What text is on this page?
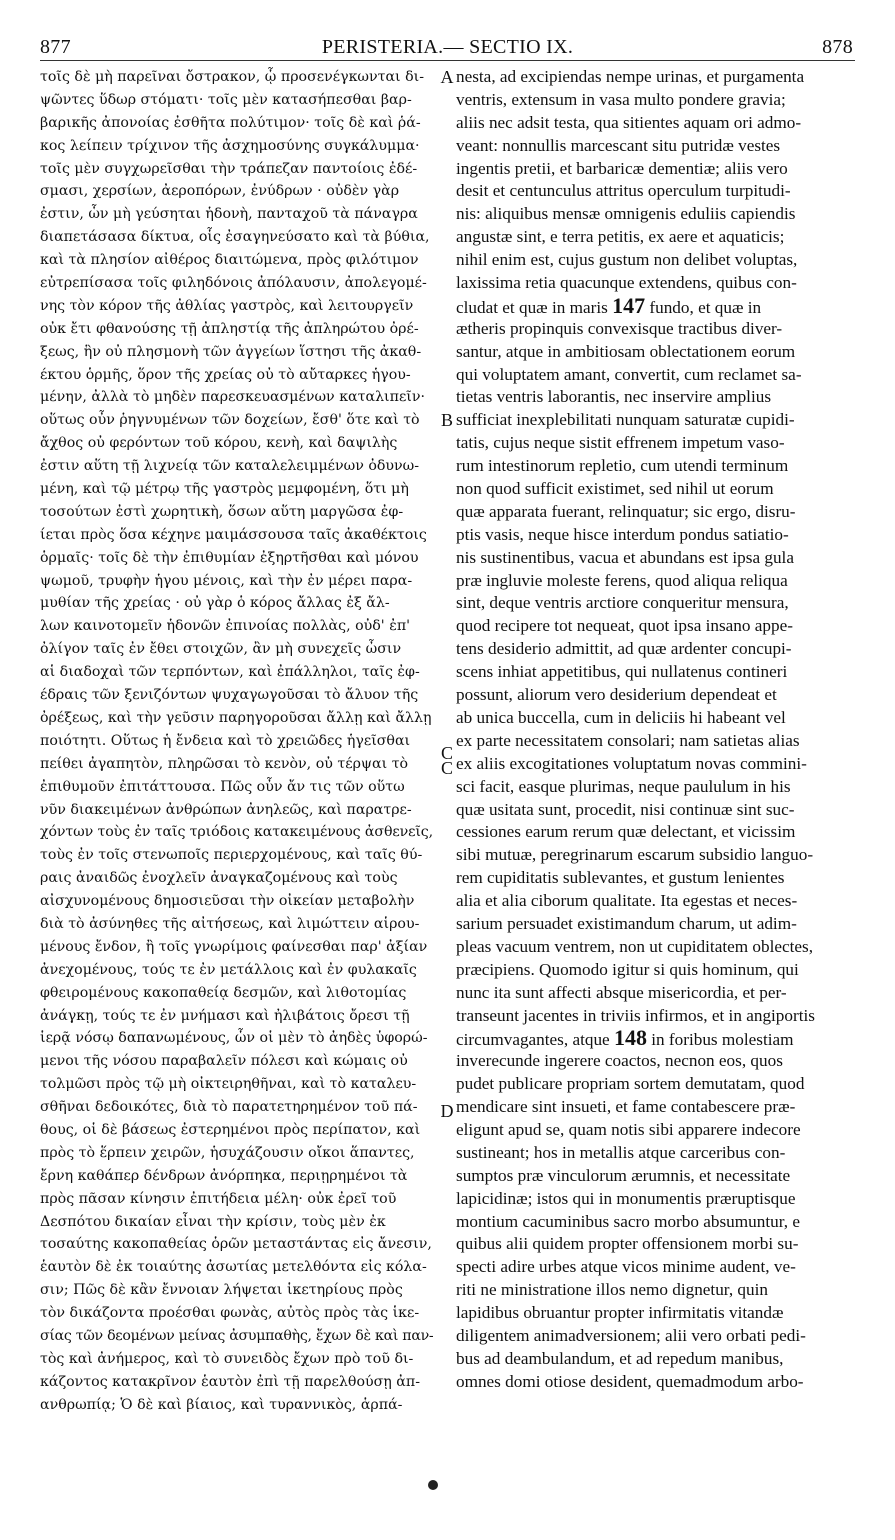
877	PERISTERIA.— SECTIO IX.	878
τοῖς δὲ μὴ παρεῖναι ὄστρακον, ᾧ προσενέγκωνται δι-
ψῶντες ὕδωρ στόματι· τοῖς μὲν κατασήπεσθαι βαρ-
βαρικῆς ἀπονοίας ἐσθῆτα πολύτιμον· τοῖς δὲ καὶ ῥά-
κος λείπειν τρίχινον τῆς ἀσχημοσύνης συγκάλυμμα·
τοῖς μὲν συγχωρεῖσθαι τὴν τράπεζαν παντοίοις ἐδέ-
σμασι, χερσίων, ἀεροπόρων, ἐνύδρων · οὐδὲν γὰρ
ἐστιν, ὧν μὴ γεύσηται ἡδονὴ, πανταχοῦ τὰ πάναγρα
διαπετάσασα δίκτυα, οἷς ἐσαγηνεύσατο καὶ τὰ βύθια,
καὶ τὰ πλησίον αἰθέρος διαιτώμενα, πρὸς φιλότιμον
εὐτρεπίσασα τοῖς φιληδόνοις ἀπόλαυσιν, ἀπολεγομέ-
νης τὸν κόρον τῆς ἀθλίας γαστρὸς, καὶ λειτουργεῖν
οὐκ ἔτι φθανούσης τῇ ἀπληστίᾳ τῆς ἀπληρώτου ὀρέ-
ξεως, ἣν οὐ πλησμονὴ τῶν ἀγγείων ἵστησι τῆς ἀκαθ-
έκτου ὁρμῆς, ὅρον τῆς χρείας οὐ τὸ αὔταρκες ἡγου-
μένην, ἀλλὰ τὸ μηδὲν παρεσκευασμένων καταλιπεῖν·
οὕτως οὖν ῥηγνυμένων τῶν δοχείων, ἔσθ' ὅτε καὶ τὸ
ἄχθος οὐ φερόντων τοῦ κόρου, κενὴ, καὶ δαψιλὴς
ἐστιν αὕτη τῇ λιχνείᾳ τῶν καταλελειμμένων ὀδυνω-
μένη, καὶ τῷ μέτρῳ τῆς γαστρὸς μεμφομένη, ὅτι μὴ
τοσούτων ἐστὶ χωρητικὴ, ὅσων αὕτη μαργῶσα ἐφ-
ίεται πρὸς ὅσα κέχηνε μαιμάσσουσα ταῖς ἀκαθέκτοις
ὁρμαῖς· τοῖς δὲ τὴν ἐπιθυμίαν ἐξηρτῆσθαι καὶ μόνου
ψωμοῦ, τρυφὴν ἡγου μένοις, καὶ τὴν ἐν μέρει παρα-
μυθίαν τῆς χρείας · οὐ γὰρ ὁ κόρος ἄλλας ἐξ ἄλ-
λων καινοτομεῖν ἡδονῶν ἐπινοίας πολλὰς, οὐδ' ἐπ'
ὀλίγον ταῖς ἐν ἔθει στοιχῶν, ἂν μὴ συνεχεῖς ὦσιν
αἱ διαδοχαὶ τῶν τερπόντων, καὶ ἐπάλληλοι, ταῖς ἐφ-
έδραις τῶν ξενιζόντων ψυχαγωγοῦσαι τὸ ἄλυον τῆς
ὀρέξεως, καὶ τὴν γεῦσιν παρηγοροῦσαι ἄλλῃ καὶ ἄλλῃ
ποιότητι. Οὕτως ἡ ἔνδεια καὶ τὸ χρειῶδες ἡγεῖσθαι
πείθει ἀγαπητὸν, πληρῶσαι τὸ κενὸν, οὐ τέρψαι τὸ
ἐπιθυμοῦν ἐπιτάττουσα. Πῶς οὖν ἄν τις τῶν οὕτω
νῦν διακειμένων ἀνθρώπων ἀνηλεῶς, καὶ παρατρε-
χόντων τοὺς ἐν ταῖς τριόδοις κατακειμένους ἀσθενεῖς,
τοὺς ἐν τοῖς στενωποῖς περιερχομένους, καὶ ταῖς θύ-
ραις ἀναιδῶς ἐνοχλεῖν ἀναγκαζομένους καὶ τοὺς
αἰσχυνομένους δημοσιεῦσαι τὴν οἰκείαν μεταβολὴν
διὰ τὸ ἀσύνηθες τῆς αἰτήσεως, καὶ λιμώττειν αἱρου-
μένους ἔνδον, ἢ τοῖς γνωρίμοις φαίνεσθαι παρ' ἀξίαν
ἀνεχομένους, τούς τε ἐν μετάλλοις καὶ ἐν φυλακαῖς
φθειρομένους κακοπαθείᾳ δεσμῶν, καὶ λιθοτομίας
ἀνάγκῃ, τούς τε ἐν μνήμασι καὶ ἠλιβάτοις ὄρεσι τῇ
ἱερᾷ νόσῳ δαπανωμένους, ὧν οἱ μὲν τὸ ἀηδὲς ὑφορώ-
μενοι τῆς νόσου παραβαλεῖν πόλεσι καὶ κώμαις οὐ
τολμῶσι πρὸς τῷ μὴ οἰκτειρηθῆναι, καὶ τὸ καταλευ-
σθῆναι δεδοικότες, διὰ τὸ παρατετηρημένον τοῦ πά-
θους, οἱ δὲ βάσεως ἐστερημένοι πρὸς περίπατον, καὶ
πρὸς τὸ ἕρπειν χειρῶν, ἡσυχάζουσιν οἴκοι ἅπαντες,
ἔρνη καθάπερ δένδρων ἀνόρπηκα, περιῃρημένοι τὰ
πρὸς πᾶσαν κίνησιν ἐπιτήδεια μέλη· οὐκ ἐρεῖ τοῦ
Δεσπότου δικαίαν εἶναι τὴν κρίσιν, τοὺς μὲν ἐκ
τοσαύτης κακοπαθείας ὁρῶν μεταστάντας εἰς ἄνεσιν,
ἑαυτὸν δὲ ἐκ τοιαύτης ἀσωτίας μετελθόντα εἰς κόλα-
σιν; Πῶς δὲ κἂν ἔννοιαν λήψεται ἱκετηρίους πρὸς
τὸν δικάζοντα προέσθαι φωνὰς, αὐτὸς πρὸς τὰς ἱκε-
σίας τῶν δεομένων μείνας ἀσυμπαθὴς, ἔχων δὲ καὶ παν-
τὸς καὶ ἀνήμερος, καὶ τὸ συνειδὸς ἔχων πρὸ τοῦ δι-
κάζοντος κατακρῖνον ἑαυτὸν ἐπὶ τῇ παρελθούσῃ ἀπ-
ανθρωπίᾳ; Ὁ δὲ καὶ βίαιος, καὶ τυραννικὸς, ἁρπά-
nesta, ad excipiendas nempe urinas, et purgamenta
ventris, extensum in vasa multo pondere gravia;
aliis nec adsit testa, qua sitientes aquam ori admo-
veant: nonnullis marcescant situ putridæ vestes
ingentis pretii, et barbaricæ dementiæ; aliis vero
desit et centunculus attritus operculum turpitudi-
nis: aliquibus mensæ omnigenis eduliis capiendis
angustæ sint, e terra petitis, ex aere et aquaticis;
nihil enim est, cujus gustum non delibet voluptas,
laxissima retia quacunque extendens, quibus con-
cludat et quæ in maris 147 fundo, et quæ in
ætheris propinquis convexisque tractibus diver-
santur, atque in ambitiosam oblectationem eorum
qui voluptatem amant, convertit, cum reclamet sa-
tietas ventris laborantis, nec inservire amplius
sufficiat inexplebilitati nunquam saturatæ cupidi-
tatis, cujus neque sistit effrenem impetum vaso-
rum intestinorum repletio, cum utendi terminum
non quod sufficit existimet, sed nihil ut eorum
quæ apparata fuerant, relinquatur; sic ergo, disru-
ptis vasis, neque hisce interdum pondus satiatio-
nis sustinentibus, vacua et abundans est ipsa gula
præ ingluvie moleste ferens, quod aliqua reliqua
sint, deque ventris arctiore conqueritur mensura,
quod recipere tot nequeat, quot ipsa insano appe-
tens desiderio admittit, ad quæ ardenter concupi-
scens inhiat appetitibus, qui nullatenus contineri
possunt, aliorum vero desiderium dependeat et
ab unica buccella, cum in deliciis hi habeant vel
ex parte necessitatem consolari; nam satietas alias
ex aliis excogitationes voluptatum novas commini-
sci facit, easque plurimas, neque paululum in his
quæ usitata sunt, procedit, nisi continuæ sint suc-
cessiones earum rerum quæ delectant, et vicissim
sibi mutuæ, peregrinarum escarum subsidio languo-
rem cupiditatis sublevantes, et gustum lenientes
alia et alia ciborum qualitate. Ita egestas et neces-
sarium persuadet existimandum charum, ut adim-
pleas vacuum ventrem, non ut cupiditatem oblectes,
præcipiens. Quomodo igitur si quis hominum, qui
nunc ita sunt affecti absque misericordia, et per-
transeunt jacentes in triviis infirmos, et in angiportis
circumvagantes, atque 148 in foribus molestiam
inverecunde ingerere coactos, necnon eos, quos
pudet publicare propriam sortem demutatam, quod
mendicare sint insueti, et fame contabescere præ-
eligunt apud se, quam notis sibi apparere indecore
sustineant; hos in metallis atque carceribus con-
sumptos præ vinculorum ærumnis, et necessitate
lapicidinæ; istos qui in monumentis præruptisque
montium cacuminibus sacro morbo absumuntur, e
quibus alii quidem propter offensionem morbi su-
specti adire urbes atque vicos minime audent, ve-
riti ne ministratione illos nemo dignetur, quin
lapidibus obruantur propter infirmitatis vitandæ
diligentem animadversionem; alii vero orbati pedi-
bus ad deambulandum, et ad repedum manibus,
omnes domi otiose desident, quemadmodum arbo-
A
B
C
C
D
